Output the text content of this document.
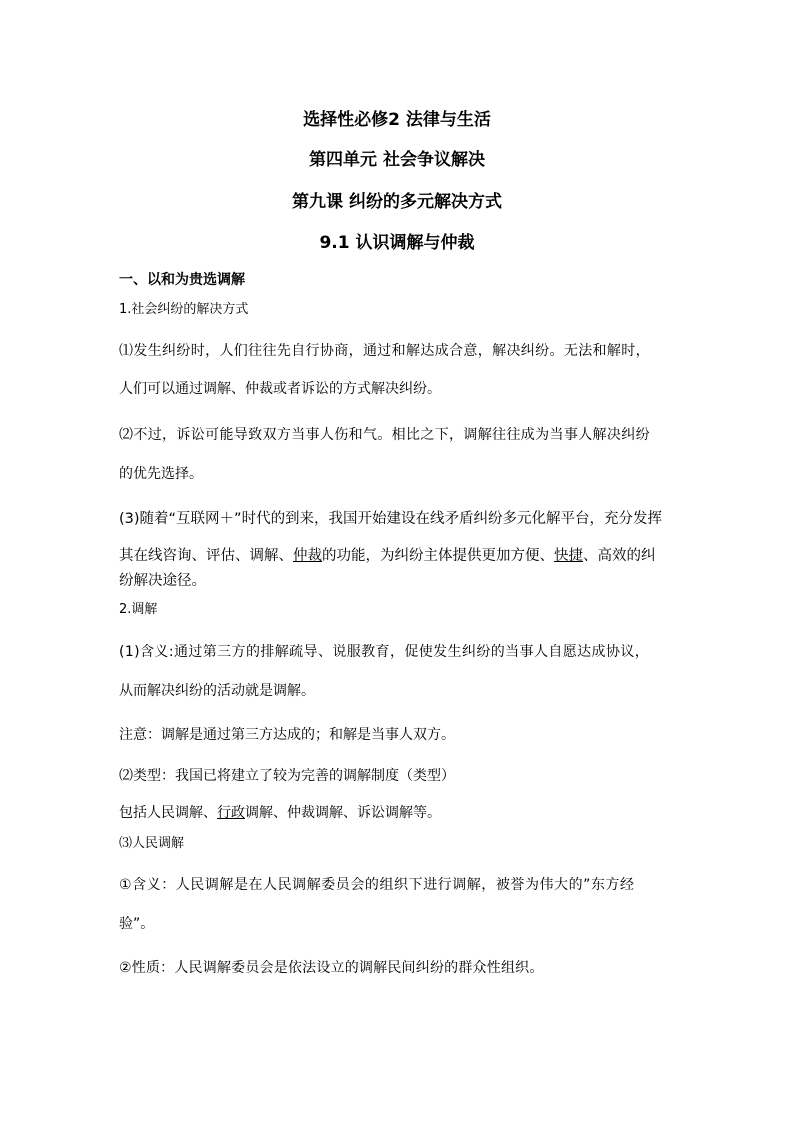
选择性必修2 法律与生活
第四单元 社会争议解决
第九课 纠纷的多元解决方式
9.1 认识调解与仲裁
一、以和为贵选调解
1.社会纠纷的解决方式
⑴发生纠纷时，人们往往先自行协商，通过和解达成合意，解决纠纷。无法和解时，
人们可以通过调解、仲裁或者诉讼的方式解决纠纷。
⑵不过，诉讼可能导致双方当事人伤和气。相比之下，调解往往成为当事人解决纠纷
的优先选择。
(3)随着“互联网＋”时代的到来，我国开始建设在线矛盾纠纷多元化解平台，充分发挥
其在线咨询、评估、调解、仲裁的功能，为纠纷主体提供更加方便、快捷、高效的纠
纷解决途径。
2.调解
(1)含义:通过第三方的排解疏导、说服教育，促使发生纠纷的当事人自愿达成协议，
从而解决纠纷的活动就是调解。
注意：调解是通过第三方达成的；和解是当事人双方。
⑵类型：我国已将建立了较为完善的调解制度（类型）
包括人民调解、行政调解、仲裁调解、诉讼调解等。
⑶人民调解
①含义：人民调解是在人民调解委员会的组织下进行调解，被誉为伟大的”东方经
验”。
②性质：人民调解委员会是依法设立的调解民间纠纷的群众性组织。
